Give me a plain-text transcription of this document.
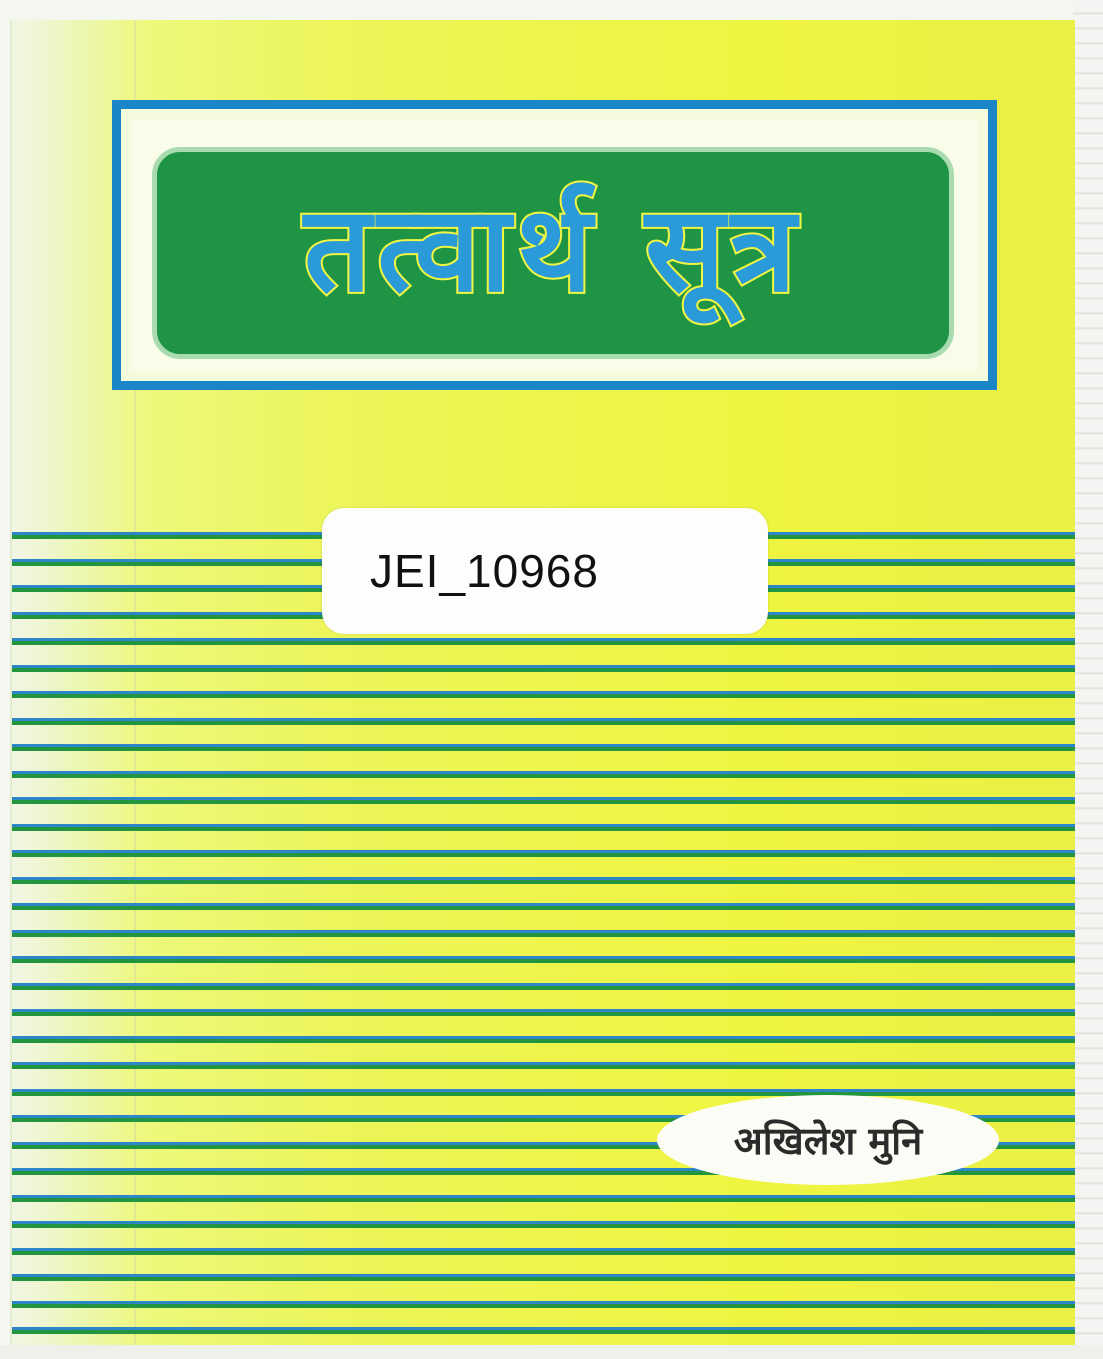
तत्वार्थ सूत्र
JEI_10968
अखिलेश मुनि
